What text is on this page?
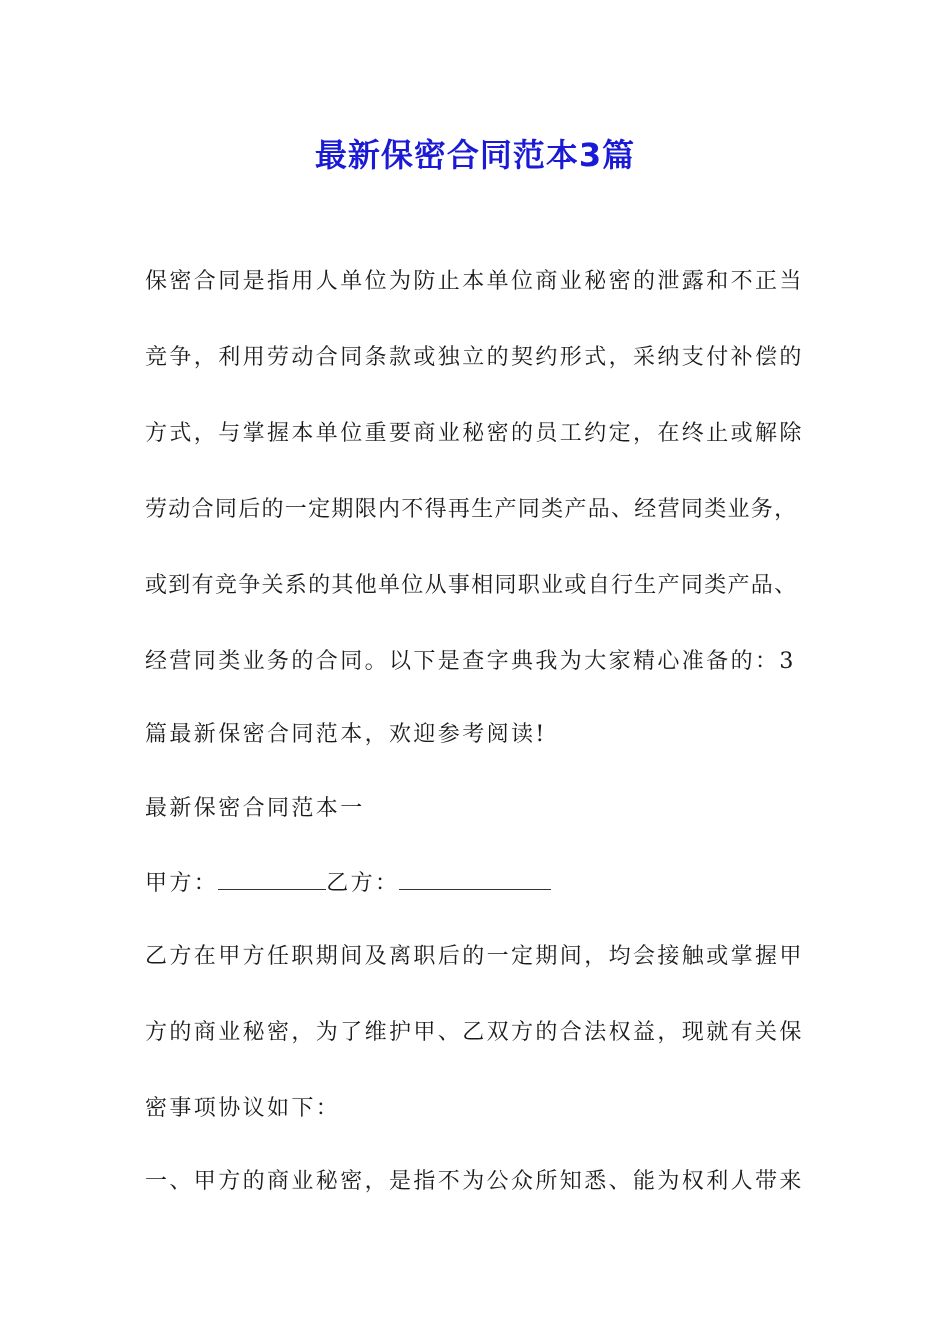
最新保密合同范本3篇
保密合同是指用人单位为防止本单位商业秘密的泄露和不正当
竞争，利用劳动合同条款或独立的契约形式，采纳支付补偿的
方式，与掌握本单位重要商业秘密的员工约定，在终止或解除
劳动合同后的一定期限内不得再生产同类产品、经营同类业务，
或到有竞争关系的其他单位从事相同职业或自行生产同类产品、
经营同类业务的合同。以下是查字典我为大家精心准备的：3
篇最新保密合同范本，欢迎参考阅读!
最新保密合同范本一
甲方：	乙方：
乙方在甲方任职期间及离职后的一定期间，均会接触或掌握甲
方的商业秘密，为了维护甲、乙双方的合法权益，现就有关保
密事项协议如下：
一、甲方的商业秘密，是指不为公众所知悉、能为权利人带来
